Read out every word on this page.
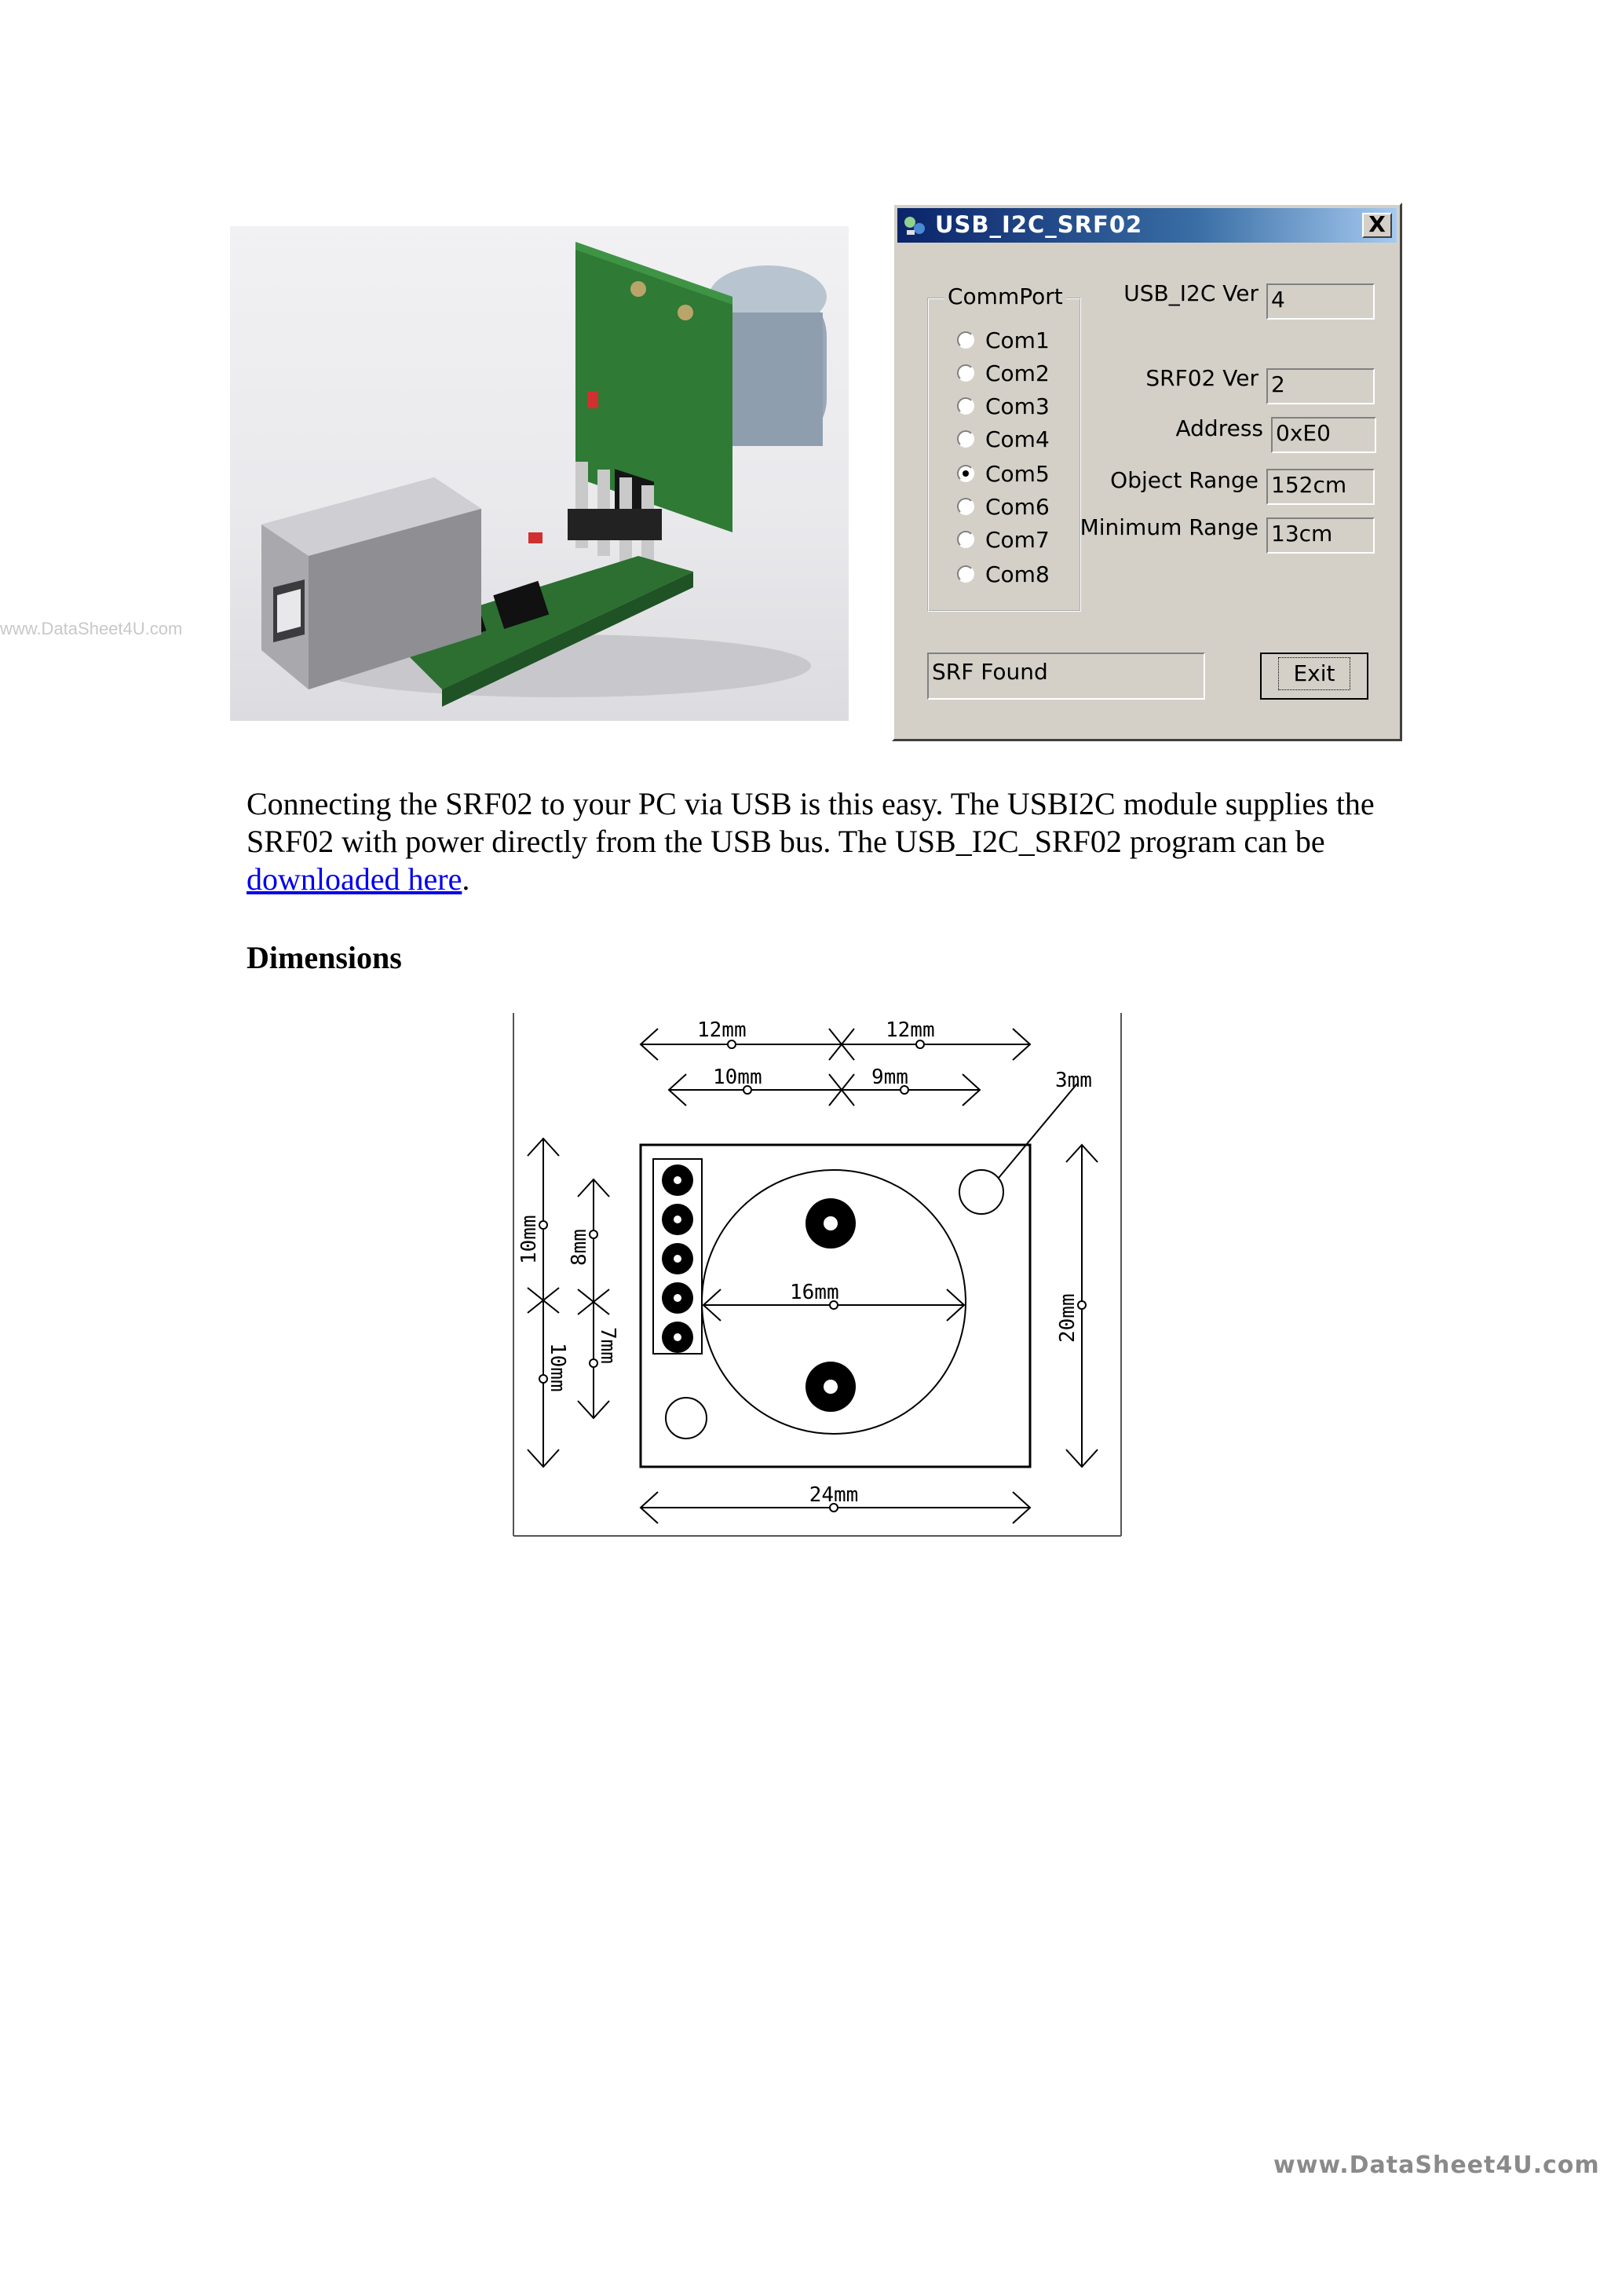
www.DataSheet4U.com
USB_I2C_SRF02	X
CommPort
Com1
Com2
Com3
Com4
Com5
Com6
Com7
Com8
USB_I2C Ver 4
SRF02 Ver 2
Address 0xE0
Object Range 152cm
Minimum Range 13cm
SRF Found	Exit
Connecting the SRF02 to your PC via USB is this easy. The USBI2C module supplies the SRF02 with power directly from the USB bus. The USB_I2C_SRF02 program can be downloaded here.
Dimensions
12mm	12mm
10mm	9mm	3mm
16mm
24mm
10mm
10mm
8mm
7mm
20mm
www.DataSheet4U.com
